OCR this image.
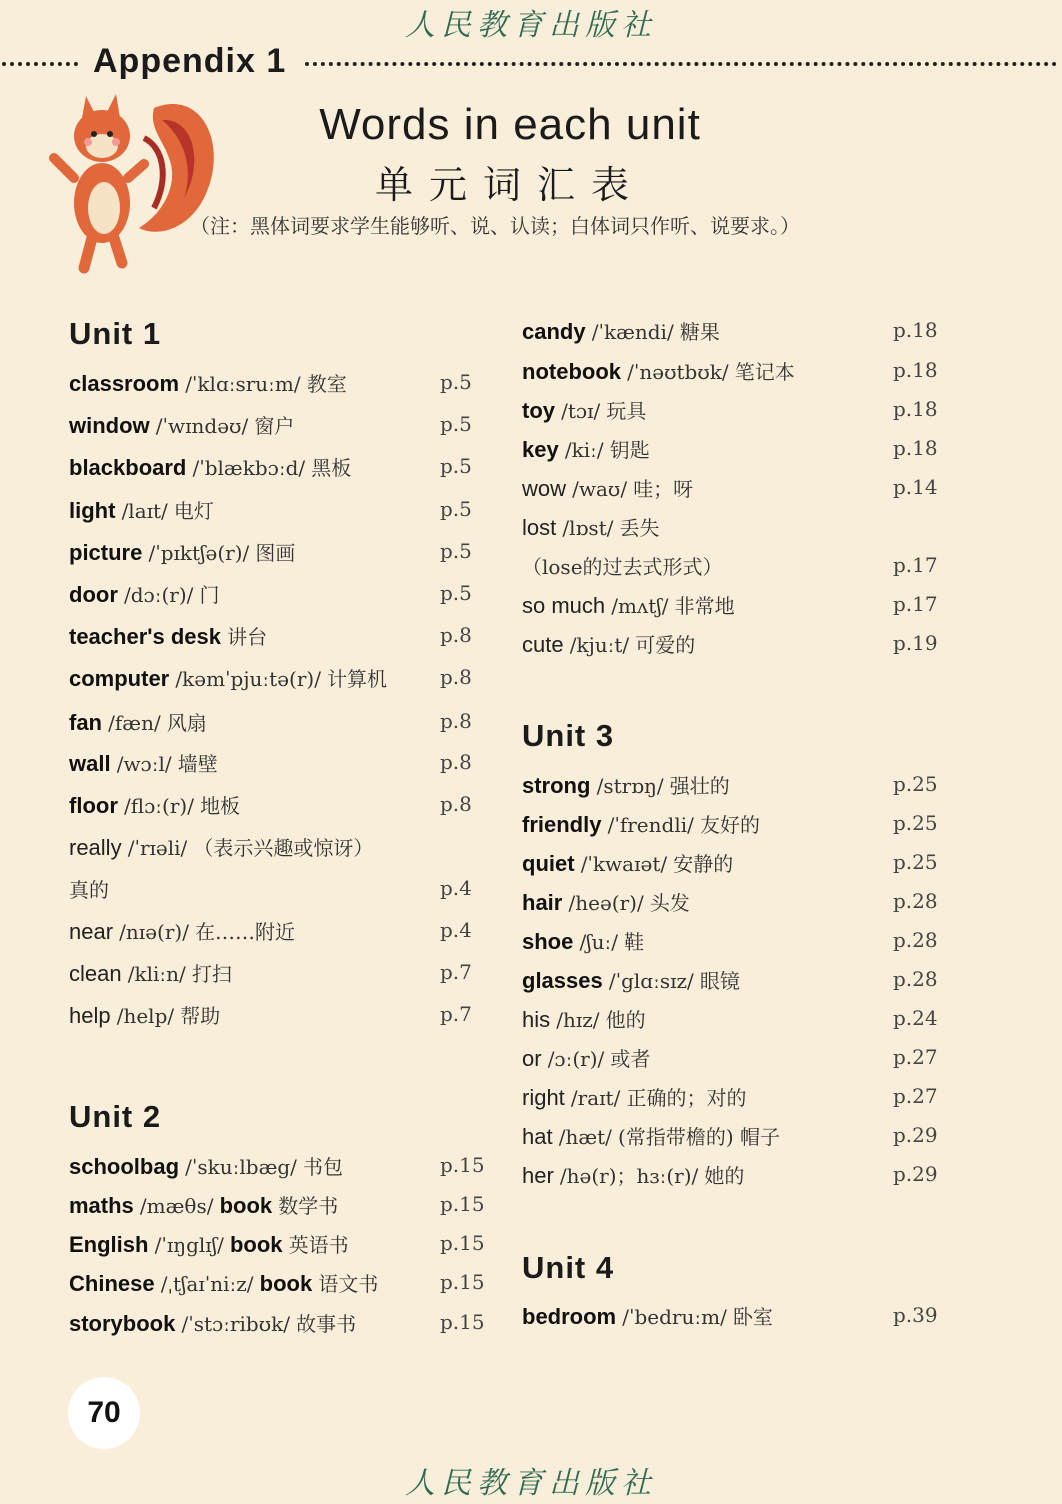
人民教育出版社
Appendix 1
Words in each unit
单元词汇表
（注：黑体词要求学生能够听、说、认读；白体词只作听、说要求。）
Unit 1
classroom /ˈklɑːsruːm/ 教室	p.5
window /ˈwɪndəʊ/ 窗户	p.5
blackboard /ˈblækbɔːd/ 黑板	p.5
light /laɪt/ 电灯	p.5
picture /ˈpɪktʃə(r)/ 图画	p.5
door /dɔː(r)/ 门	p.5
teacher's desk 讲台	p.8
computer /kəmˈpjuːtə(r)/ 计算机	p.8
fan /fæn/ 风扇	p.8
wall /wɔːl/ 墙壁	p.8
floor /flɔː(r)/ 地板	p.8
really /ˈrɪəli/ （表示兴趣或惊讶）
真的	p.4
near /nɪə(r)/ 在……附近	p.4
clean /kliːn/ 打扫	p.7
help /help/ 帮助	p.7
Unit 2
schoolbag /ˈskuːlbæg/ 书包	p.15
maths /mæθs/ book 数学书	p.15
English /ˈɪŋglɪʃ/ book 英语书	p.15
Chinese /ˌtʃaɪˈniːz/ book 语文书	p.15
storybook /ˈstɔːribʊk/ 故事书	p.15
candy /ˈkændi/ 糖果	p.18
notebook /ˈnəʊtbʊk/ 笔记本	p.18
toy /tɔɪ/ 玩具	p.18
key /kiː/ 钥匙	p.18
wow /waʊ/ 哇；呀	p.14
lost /lɒst/ 丢失
（lose的过去式形式）	p.17
so much /mʌtʃ/ 非常地	p.17
cute /kjuːt/ 可爱的	p.19
Unit 3
strong /strɒŋ/ 强壮的	p.25
friendly /ˈfrendli/ 友好的	p.25
quiet /ˈkwaɪət/ 安静的	p.25
hair /heə(r)/ 头发	p.28
shoe /ʃuː/ 鞋	p.28
glasses /ˈglɑːsɪz/ 眼镜	p.28
his /hɪz/ 他的	p.24
or /ɔː(r)/ 或者	p.27
right /raɪt/ 正确的；对的	p.27
hat /hæt/ (常指带檐的) 帽子	p.29
her /hə(r)；hɜː(r)/ 她的	p.29
Unit 4
bedroom /ˈbedruːm/ 卧室	p.39
70
人民教育出版社
